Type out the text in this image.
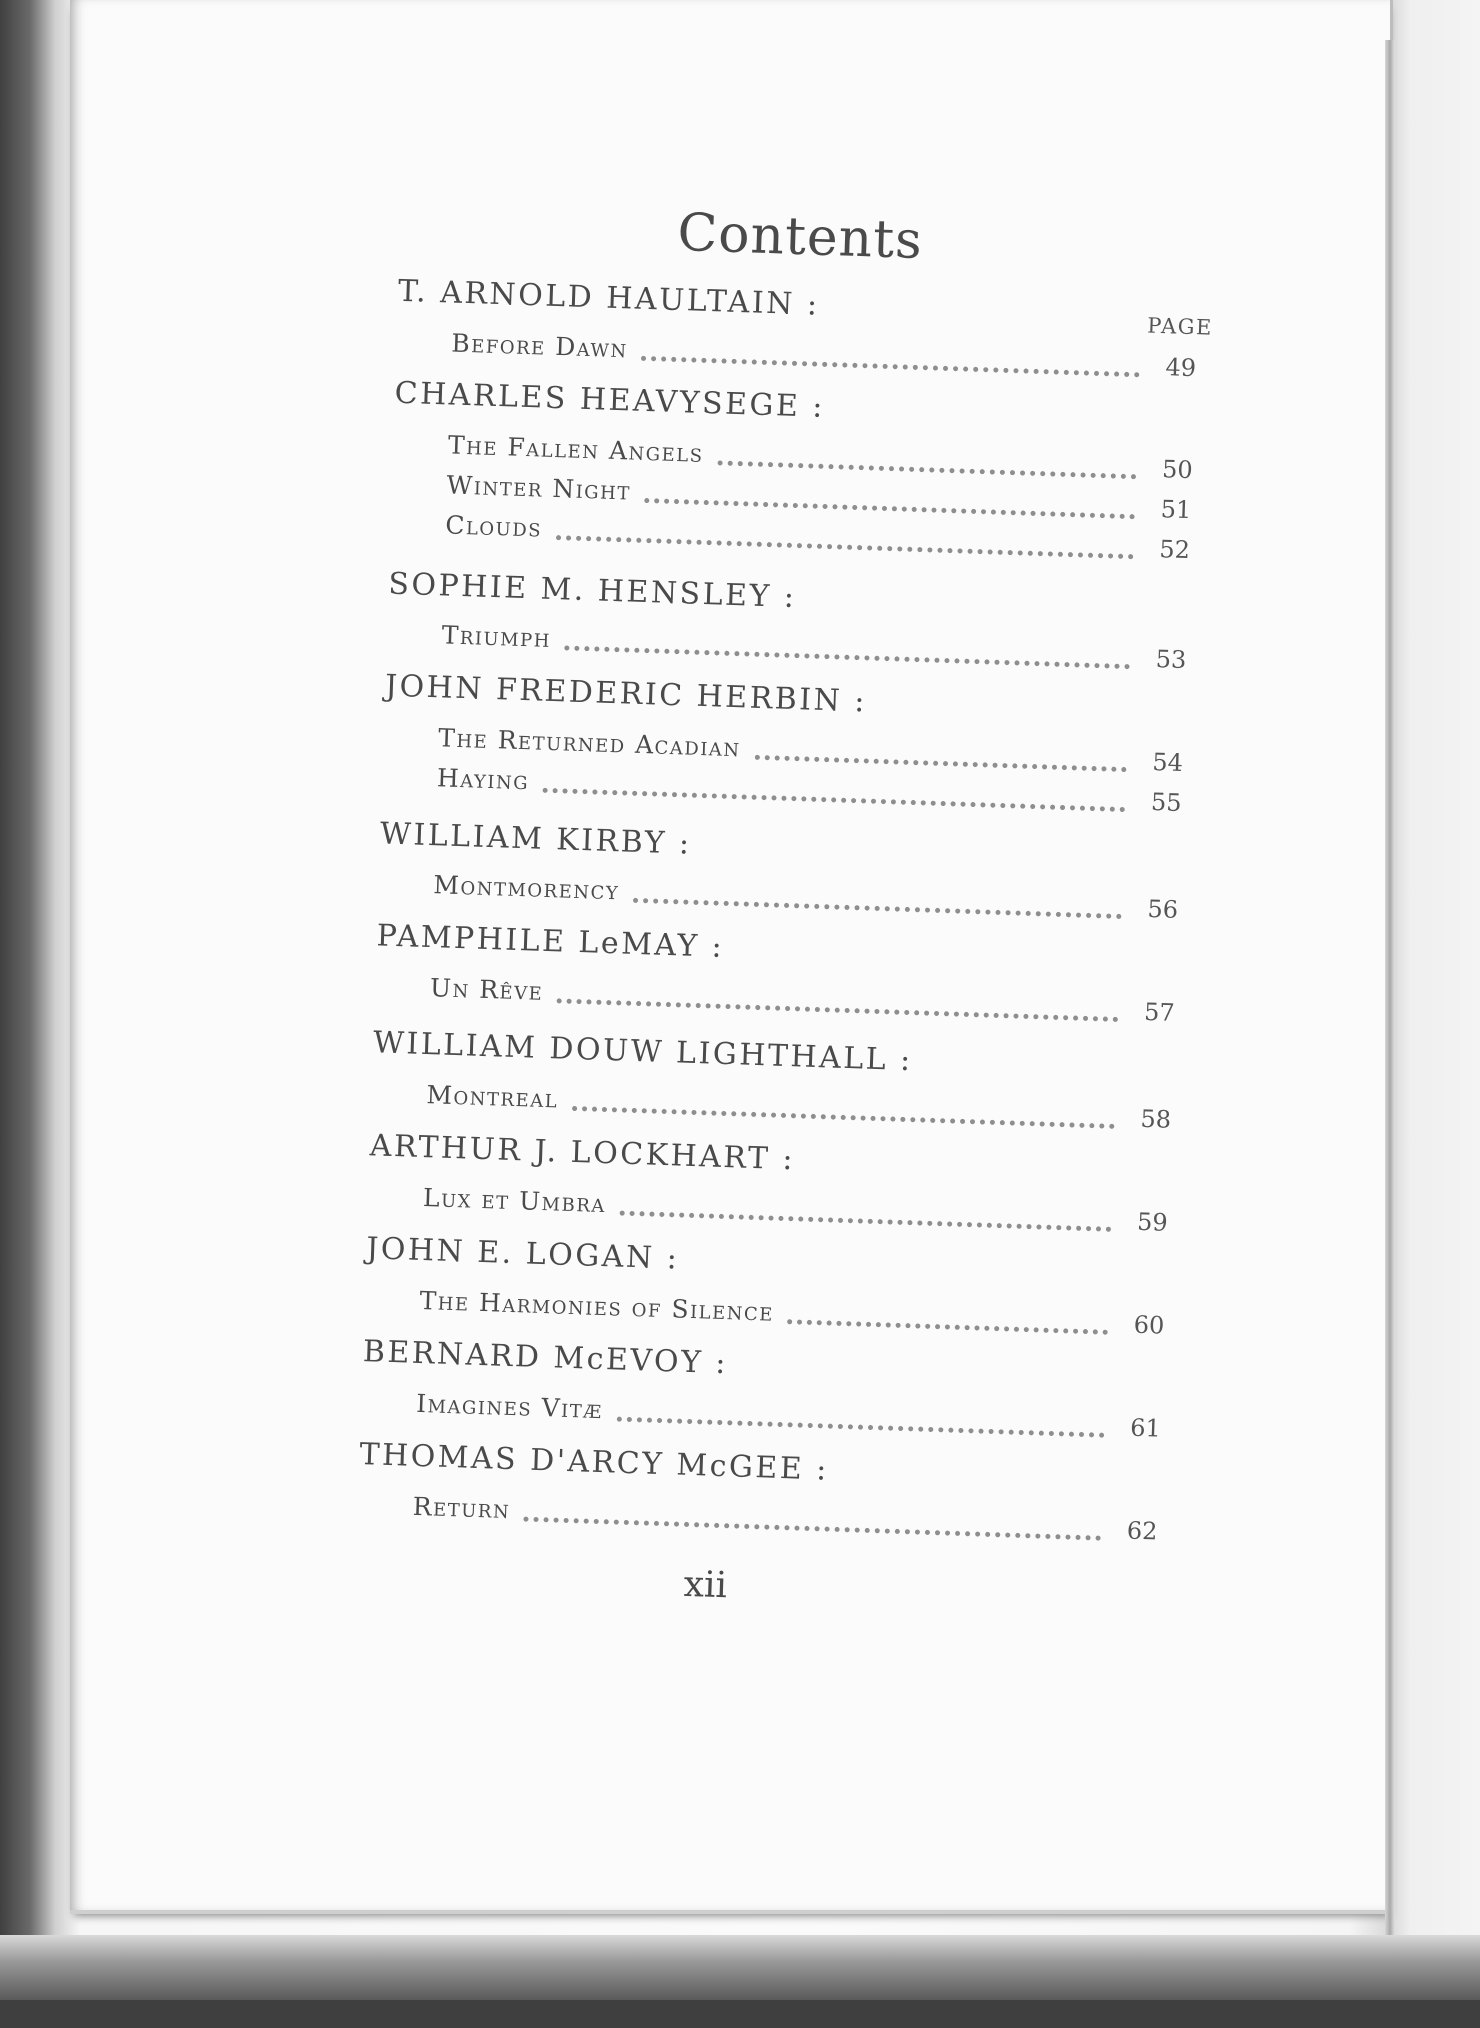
Contents
PAGE
T. ARNOLD HAULTAIN :
Before Dawn
49
CHARLES HEAVYSEGE :
The Fallen Angels
50
Winter Night
51
Clouds
52
SOPHIE M. HENSLEY :
Triumph
53
JOHN FREDERIC HERBIN :
The Returned Acadian
54
Haying
55
WILLIAM KIRBY :
Montmorency
56
PAMPHILE LeMAY :
Un Rêve
57
WILLIAM DOUW LIGHTHALL :
Montreal
58
ARTHUR J. LOCKHART :
Lux et Umbra
59
JOHN E. LOGAN :
The Harmonies of Silence	60
BERNARD McEVOY :
Imagines Vitæ
61
THOMAS D'ARCY McGEE :
Return
62
xii
